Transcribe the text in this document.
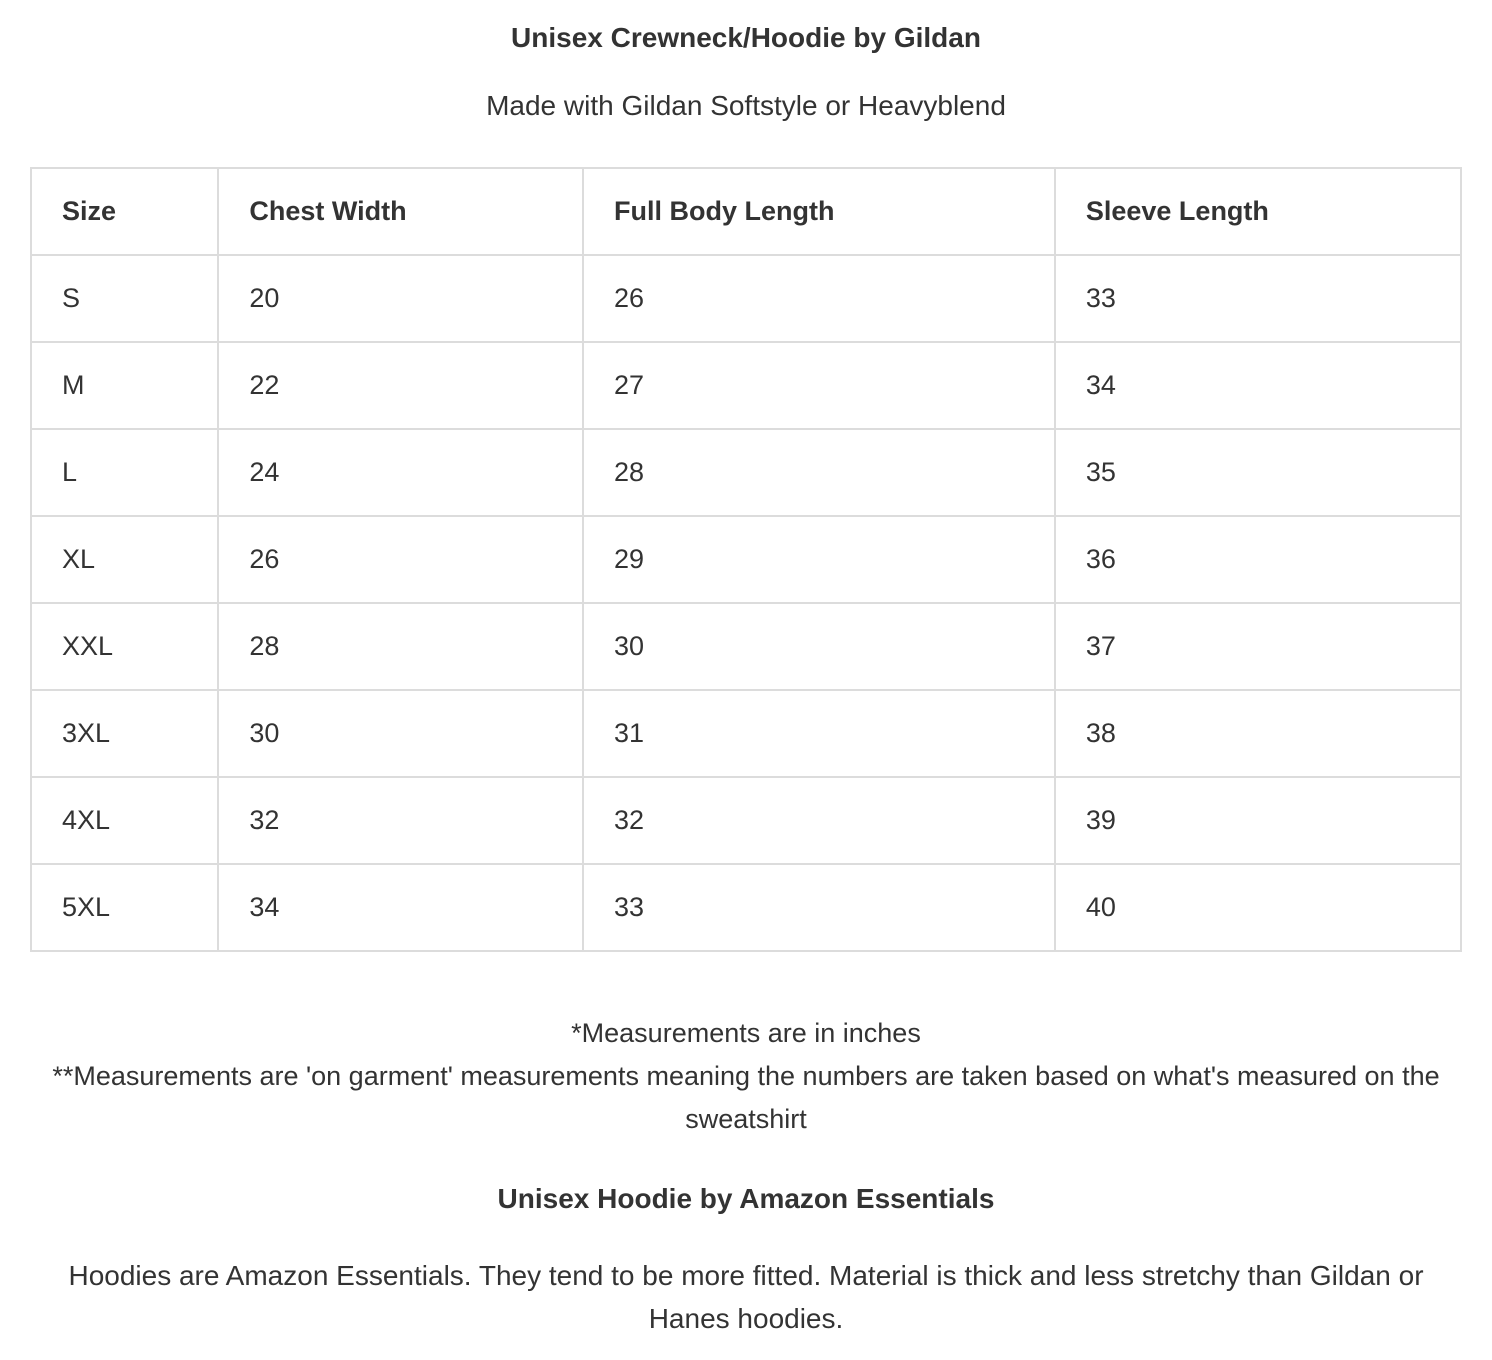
Unisex Crewneck/Hoodie by Gildan
Made with Gildan Softstyle or Heavyblend
Size	Chest Width	Full Body Length	Sleeve Length
S	20	26	33
M	22	27	34
L	24	28	35
XL	26	29	36
XXL	28	30	37
3XL	30	31	38
4XL	32	32	39
5XL	34	33	40
*Measurements are in inches
**Measurements are 'on garment' measurements meaning the numbers are taken based on what's measured on the sweatshirt
Unisex Hoodie by Amazon Essentials

Hoodies are Amazon Essentials. They tend to be more fitted. Material is thick and less stretchy than Gildan or Hanes hoodies.
